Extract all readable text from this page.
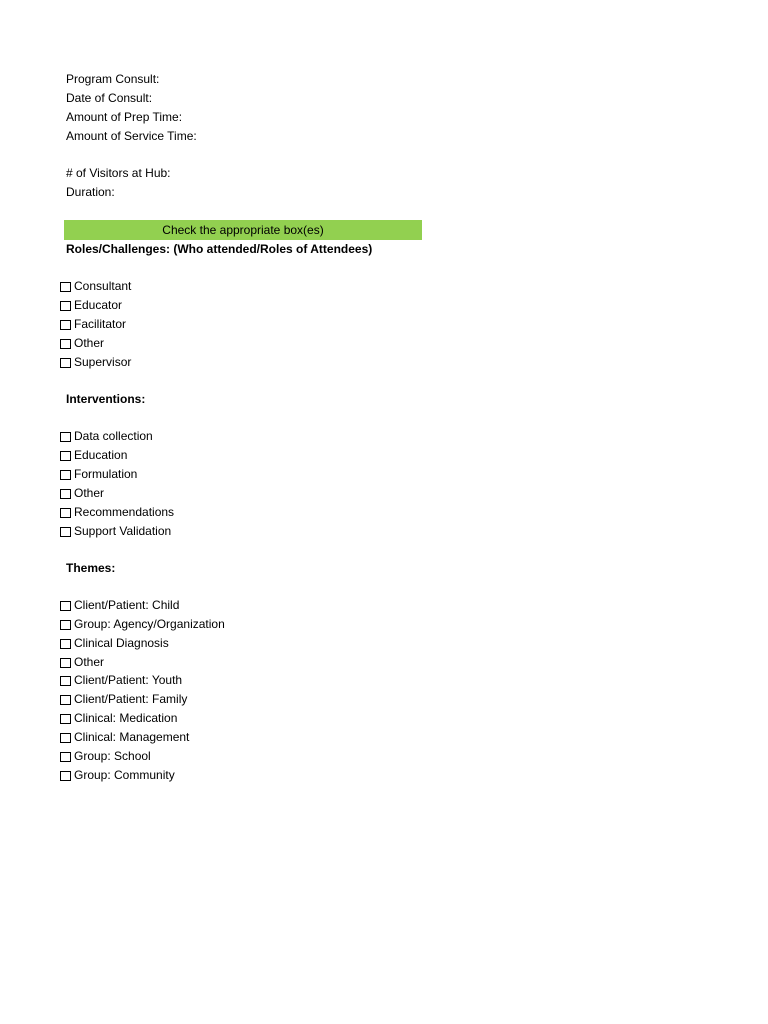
Program Consult:
Date of Consult:
Amount of Prep Time:
Amount of Service Time:
# of Visitors at Hub:
Duration:
Check the appropriate box(es)
Roles/Challenges: (Who attended/Roles of Attendees)
Consultant
Educator
Facilitator
Other
Supervisor
Interventions:
Data collection
Education
Formulation
Other
Recommendations
Support Validation
Themes:
Client/Patient: Child
Group: Agency/Organization
Clinical Diagnosis
Other
Client/Patient: Youth
Client/Patient: Family
Clinical: Medication
Clinical: Management
Group: School
Group: Community
